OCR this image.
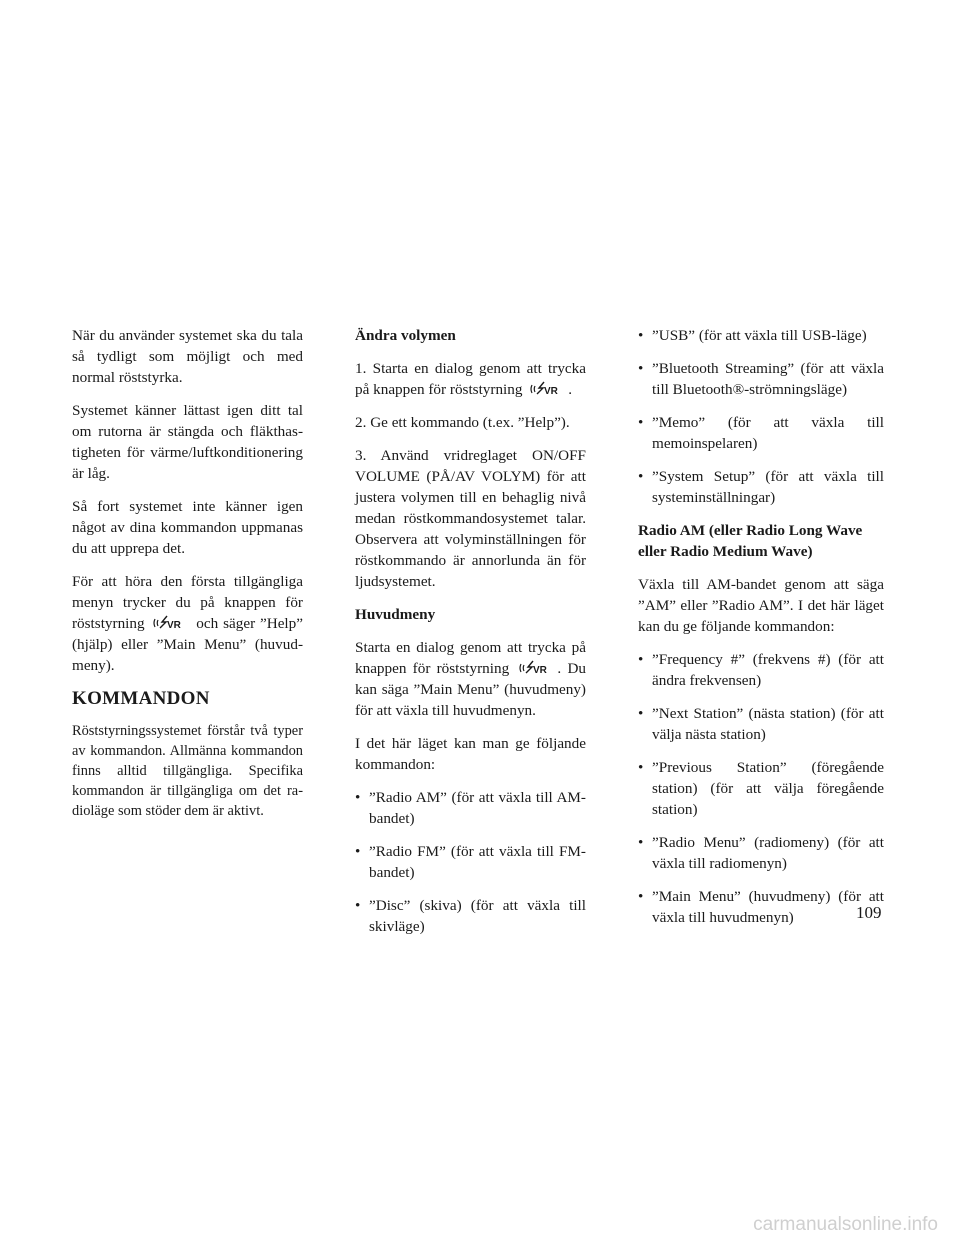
När du använder systemet ska du tala så tydligt som möjligt och med normal röststyrka.

Systemet känner lättast igen ditt tal om rutorna är stängda och fläkthastigheten för värme/luftkonditionering är låg.

Så fort systemet inte känner igen något av dina kommandon uppmanas du att upprepa det.

För att höra den första tillgängliga menyn trycker du på knappen för röststyrning VR och säger ”Help” (hjälp) eller ”Main Menu” (huvudmeny).

KOMMANDON

Röststyrningssystemet förstår två typer av kommandon. Allmänna kommandon finns alltid tillgängliga. Specifika kommandon är tillgängliga om det radioläge som stöder dem är aktivt.

Ändra volymen

1. Starta en dialog genom att trycka på knappen för röststyrning VR .

2. Ge ett kommando (t.ex. ”Help”).

3. Använd vridreglaget ON/OFF VOLUME (PÅ/AV VOLYM) för att justera volymen till en behaglig nivå medan röstkommandosystemet talar. Observera att volyminställningen för röstkommando är annorlunda än för ljudsystemet.

Huvudmeny

Starta en dialog genom att trycka på knappen för röststyrning VR . Du kan säga ”Main Menu” (huvudmeny) för att växla till huvudmenyn.

I det här läget kan man ge följande kommandon:

• ”Radio AM” (för att växla till AM-bandet)
• ”Radio FM” (för att växla till FM-bandet)
• ”Disc” (skiva) (för att växla till skivläge)
• ”USB” (för att växla till USB-läge)
• ”Bluetooth Streaming” (för att växla till Bluetooth®-strömningsläge)
• ”Memo” (för att växla till memoinspelaren)
• ”System Setup” (för att växla till systeminställningar)
Radio AM (eller Radio Long Wave eller Radio Medium Wave)

Växla till AM-bandet genom att säga ”AM” eller ”Radio AM”. I det här läget kan du ge följande kommandon:

• ”Frequency #” (frekvens #) (för att ändra frekvensen)
• ”Next Station” (nästa station) (för att välja nästa station)
• ”Previous Station” (föregående station) (för att välja föregående station)
• ”Radio Menu” (radiomeny) (för att växla till radiomenyn)
• ”Main Menu” (huvudmeny) (för att växla till huvudmenyn)	109
carmanualsonline.info
